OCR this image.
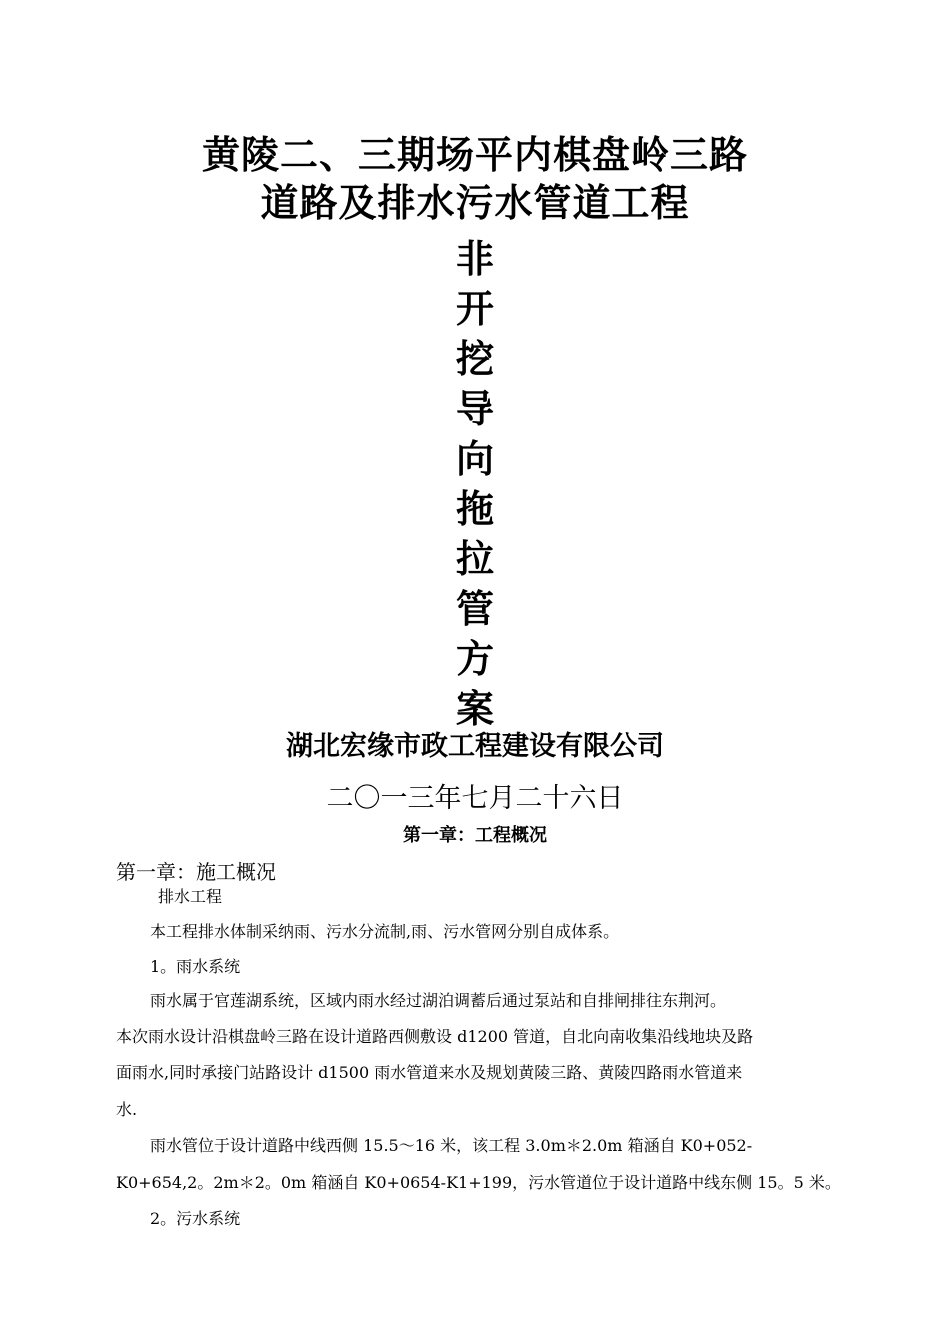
黄陵二、三期场平内棋盘岭三路
道路及排水污水管道工程
非
开
挖
导
向
拖
拉
管
方
案
湖北宏缘市政工程建设有限公司
二〇一三年七月二十六日
第一章：工程概况
第一章：施工概况
排水工程
本工程排水体制采纳雨、污水分流制,雨、污水管网分别自成体系。
1。雨水系统
雨水属于官莲湖系统，区域内雨水经过湖泊调蓄后通过泵站和自排闸排往东荆河。
本次雨水设计沿棋盘岭三路在设计道路西侧敷设 d1200 管道，自北向南收集沿线地块及路
面雨水,同时承接门站路设计 d1500 雨水管道来水及规划黄陵三路、黄陵四路雨水管道来
水.
雨水管位于设计道路中线西侧 15.5～16 米，该工程 3.0m＊2.0m 箱涵自 K0+052-
K0+654,2。2m＊2。0m 箱涵自 K0+0654-K1+199，污水管道位于设计道路中线东侧 15。5 米。
2。污水系统
